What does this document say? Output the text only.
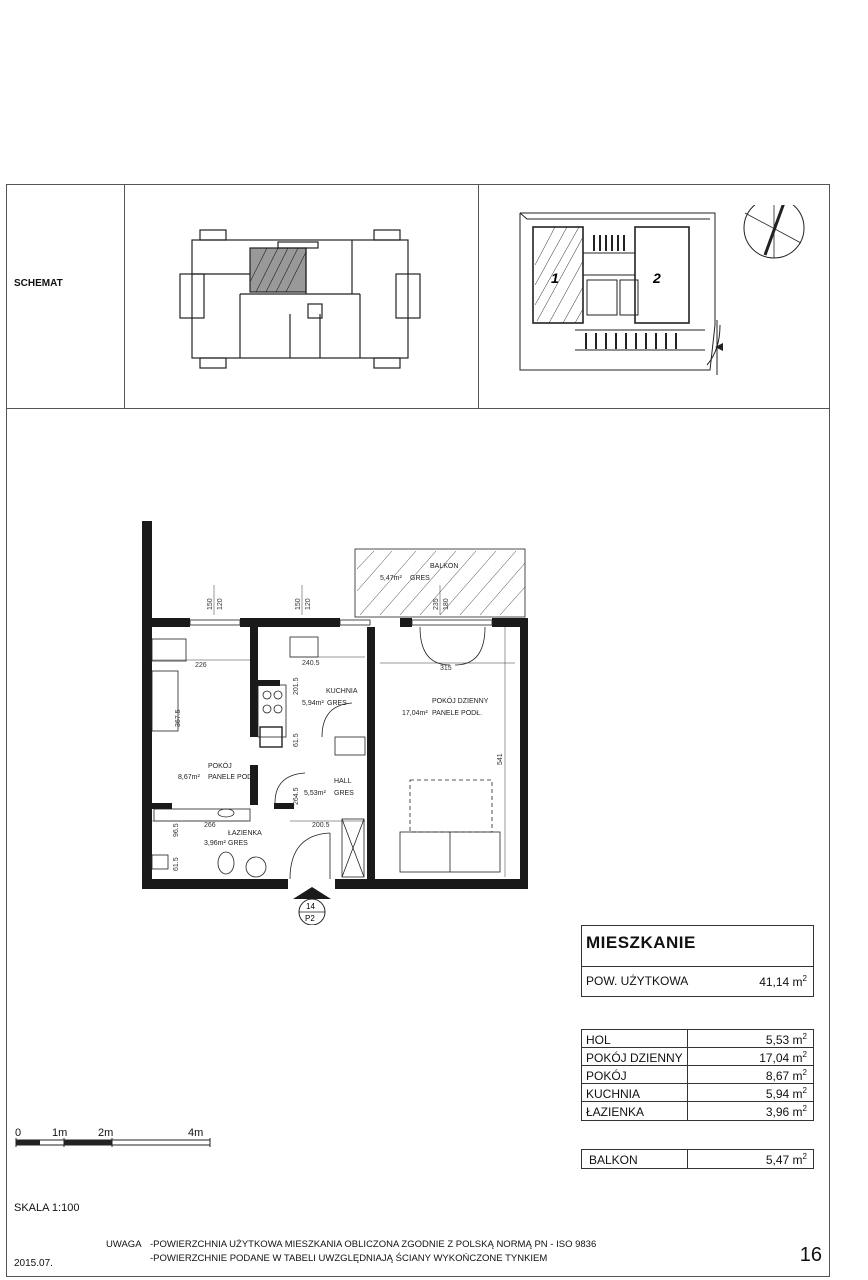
SCHEMAT	1	2
150 120	150 120	235 180
226	240.5
315
201.5
367.5
61.5
541
264.5
96.5	266	200.5
61.5
BALKON
5,47m² GRES
KUCHNIA
5,94m² GRES	POKÓJ DZIENNY
17,04m² PANELE PODŁ.
POKÓJ
8,67m² PANELE PODŁ.
HALL
5,53m² GRES
ŁAZIENKA
3,96m² GRES
14
P2
MIESZKANIE
POW. UŻYTKOWA	41,14 $m^2$
HOL	5,53 $m^2$
POKÓJ DZIENNY	17,04 $m^2$
POKÓJ	8,67 $m^2$
KUCHNIA	5,94 $m^2$
ŁAZIENKA	3,96 $m^2$
BALKON	5,47 $m^2$
0	1m	2m	4m
SKALA 1:100
UWAGA -POWIERZCHNIA UŻYTKOWA MIESZKANIA OBLICZONA ZGODNIE Z POLSKĄ NORMĄ PN - ISO 9836
-POWIERZCHNIE PODANE W TABELI UWZGLĘDNIAJĄ ŚCIANY WYKOŃCZONE TYNKIEM
2015.07.	16
